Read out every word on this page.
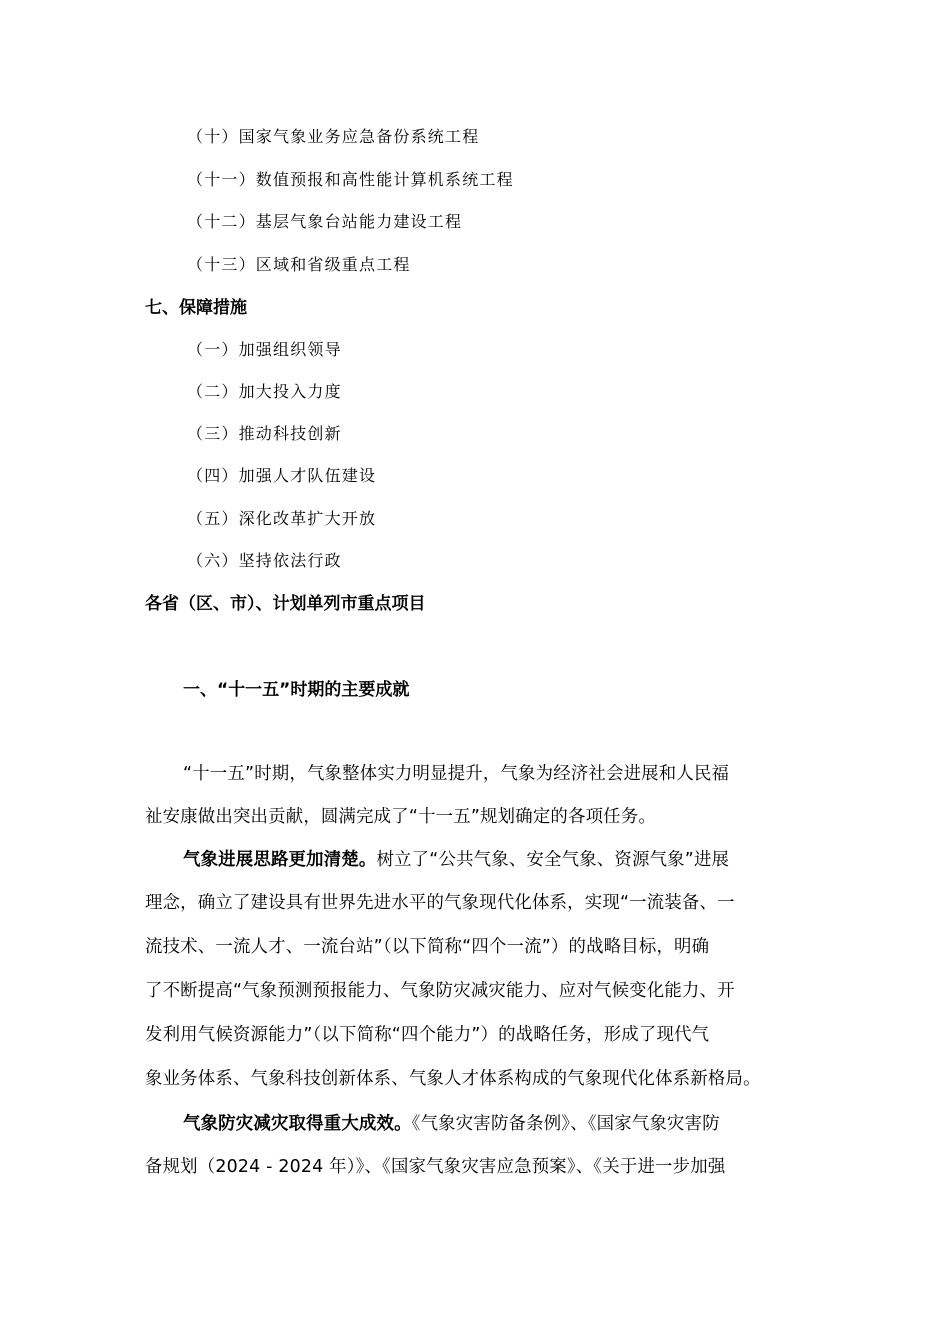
（十）国家气象业务应急备份系统工程
（十一）数值预报和高性能计算机系统工程
（十二）基层气象台站能力建设工程
（十三）区域和省级重点工程
七、保障措施
（一）加强组织领导
（二）加大投入力度
（三）推动科技创新
（四）加强人才队伍建设
（五）深化改革扩大开放
（六）坚持依法行政
各省（区、市）、计划单列市重点项目
一、“十一五”时期的主要成就
“十一五”时期，气象整体实力明显提升，气象为经济社会进展和人民福
祉安康做出突出贡献，圆满完成了“十一五”规划确定的各项任务。
气象进展思路更加清楚。树立了“公共气象、安全气象、资源气象”进展
理念，确立了建设具有世界先进水平的气象现代化体系，实现“一流装备、一
流技术、一流人才、一流台站”（以下简称“四个一流”）的战略目标，明确
了不断提高“气象预测预报能力、气象防灾减灾能力、应对气候变化能力、开
发利用气候资源能力”（以下简称“四个能力”）的战略任务，形成了现代气
象业务体系、气象科技创新体系、气象人才体系构成的气象现代化体系新格局。
气象防灾减灾取得重大成效。《气象灾害防备条例》、《国家气象灾害防
备规划（2024 - 2024 年）》、《国家气象灾害应急预案》、《关于进一步加强
